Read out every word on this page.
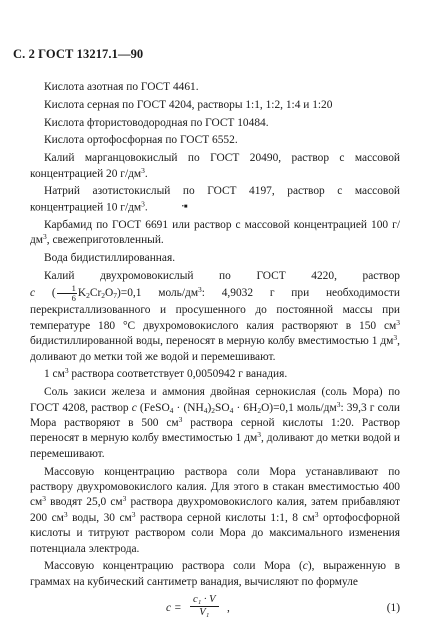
С. 2 ГОСТ 13217.1—90

Кислота азотная по ГОСТ 4461.

Кислота серная по ГОСТ 4204, растворы 1:1, 1:2, 1:4 и 1:20

Кислота фтористоводородная по ГОСТ 10484.

Кислота ортофосфорная по ГОСТ 6552.

Калий марганцовокислый по ГОСТ 20490, раствор с массовой концентрацией 20 $г/дм^3$.

Натрий азотистокислый по ГОСТ 4197, раствор с массовой концентрацией 10 $г/дм^3$.	•■

Карбамид по ГОСТ 6691 или раствор с массовой концентрацией 100 $г/дм^3$, свежеприготовленный.

Вода бидистиллированная.

Калий двухромовокислый по ГОСТ 4220, раствор c ( $\frac{1}{6} K_2Cr_2O_7)=0,1$ моль/$дм^3$: 4,9032 г при необходимости перекристаллизованного и просушенного до постоянной массы при температуре 180 °С двухромовокислого калия растворяют в 150 $см^3$ бидистиллированной воды, переносят в мерную колбу вместимостью 1 $дм^3$, доливают до метки той же водой и перемешивают.

1 $см^3$ раствора соответствует 0,0050942 г ванадия.

Соль закиси железа и аммония двойная сернокислая (соль Мора) по ГОСТ 4208, раствор c (FeSO$_4$ · $(NH_4)_2SO_4 \cdot 6H_2O)=0,1$ моль/$дм^3$: 39,3 г соли Мора растворяют в 500 $см^3$ раствора серной кислоты 1:20. Раствор переносят в мерную колбу вместимостью 1 $дм^3$, доливают до метки водой и перемешивают.

Массовую концентрацию раствора соли Мора устанавливают по раствору двухромовокислого калия. Для этого в стакан вместимостью 400 $см^3$ вводят 25,0 $см^3$ раствора двухромовокислого калия, затем прибавляют 200 $см^3$ воды, 30 $см^3$ раствора серной кислоты 1:1, 8 $см^3$ ортофосфорной кислоты и титруют раствором соли Мора до максимального изменения потенциала электрода.

Массовую концентрацию раствора соли Мора (c), выраженную в граммах на кубический сантиметр ванадия, вычисляют по формуле

$c = \frac{\text{c₁ · V}}{\text{V₁}}$ ,	(1)
